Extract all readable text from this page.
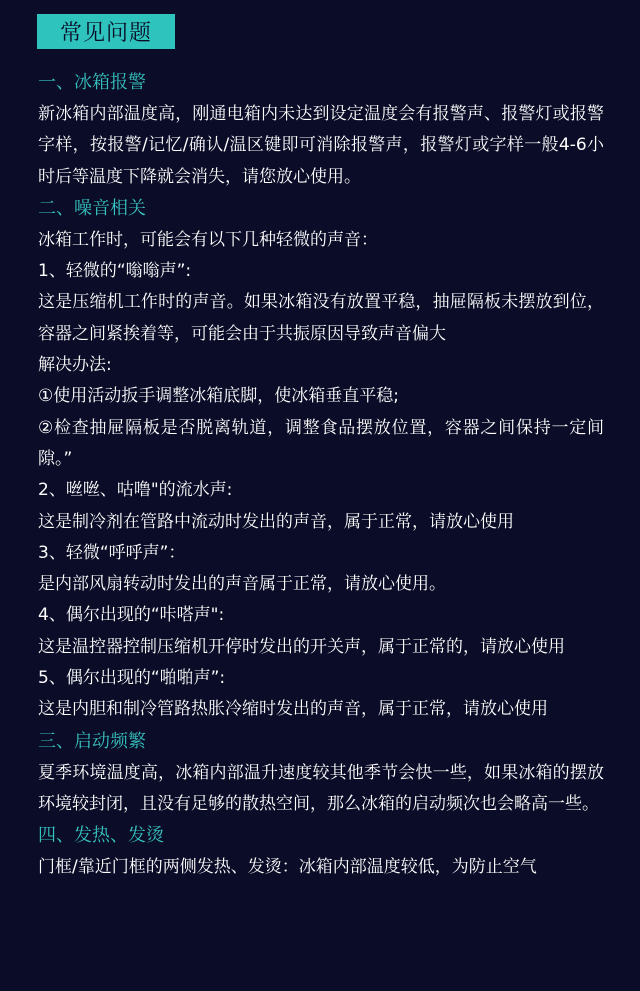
常见问题
一、冰箱报警
新冰箱内部温度高，刚通电箱内未达到设定温度会有报警声、报警灯或报警字样，按报警/记忆/确认/温区键即可消除报警声，报警灯或字样一般4-6小时后等温度下降就会消失，请您放心使用。
二、噪音相关
冰箱工作时，可能会有以下几种轻微的声音：
1、轻微的“嗡嗡声”:
这是压缩机工作时的声音。如果冰箱没有放置平稳，抽屉隔板未摆放到位，容器之间紧挨着等，可能会由于共振原因导致声音偏大
解决办法:
①使用活动扳手调整冰箱底脚，使冰箱垂直平稳;
②检查抽屉隔板是否脱离轨道，调整食品摆放位置，容器之间保持一定间隙。”
2、咝咝、咕噜"的流水声:
这是制冷剂在管路中流动时发出的声音，属于正常，请放心使用
3、轻微“呼呼声”：
是内部风扇转动时发出的声音属于正常，请放心使用。
4、偶尔出现的“咔嗒声":
这是温控器控制压缩机开停时发出的开关声，属于正常的，请放心使用
5、偶尔出现的“啪啪声”:
这是内胆和制冷管路热胀冷缩时发出的声音，属于正常，请放心使用
三、启动频繁
夏季环境温度高，冰箱内部温升速度较其他季节会快一些，如果冰箱的摆放环境较封闭，且没有足够的散热空间，那么冰箱的启动频次也会略高一些。
四、发热、发烫
门框/靠近门框的两侧发热、发烫：冰箱内部温度较低，为防止空气
